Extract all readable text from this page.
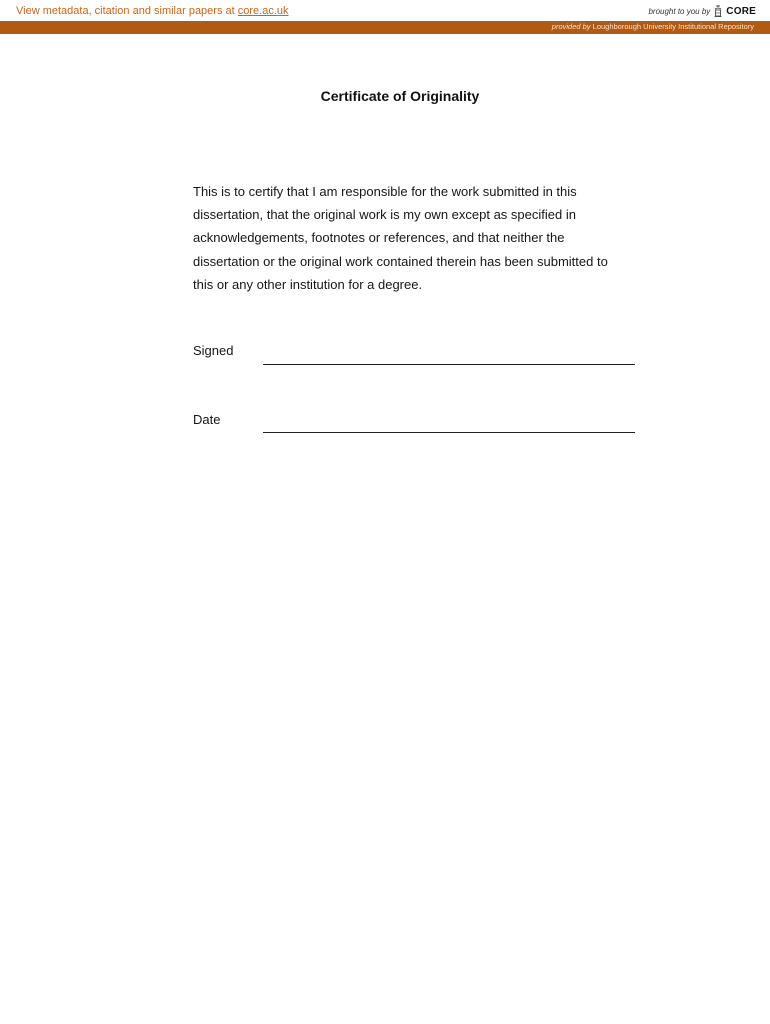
View metadata, citation and similar papers at core.ac.uk	brought to you by CORE
provided by Loughborough University Institutional Repository
Certificate of Originality
This is to certify that I am responsible for the work submitted in this
dissertation, that the original work is my own except as specified in
acknowledgements, footnotes or references, and that neither the
dissertation or the original work contained therein has been submitted to
this or any other institution for a degree.
Signed
Date
